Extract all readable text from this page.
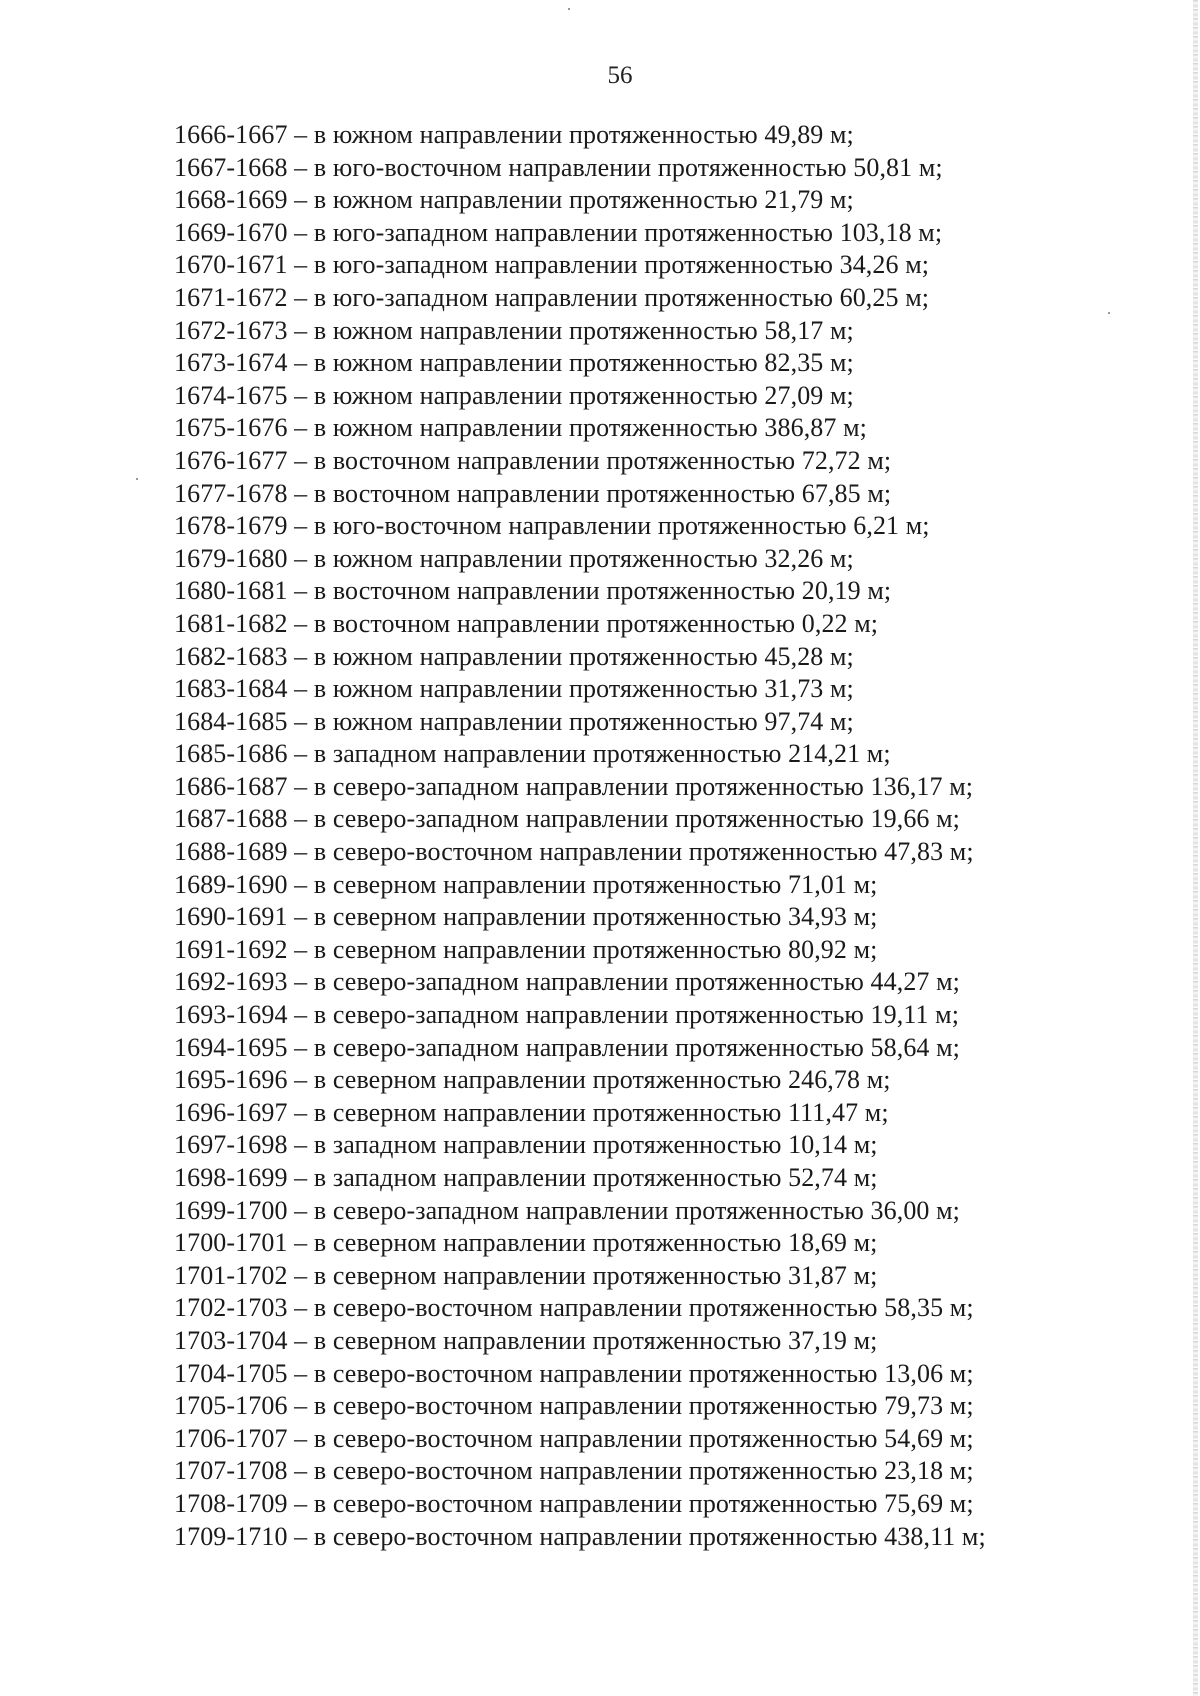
56
1666-1667 – в южном направлении протяженностью 49,89 м;
1667-1668 – в юго-восточном направлении протяженностью 50,81 м;
1668-1669 – в южном направлении протяженностью 21,79 м;
1669-1670 – в юго-западном направлении протяженностью 103,18 м;
1670-1671 – в юго-западном направлении протяженностью 34,26 м;
1671-1672 – в юго-западном направлении протяженностью 60,25 м;
1672-1673 – в южном направлении протяженностью 58,17 м;
1673-1674 – в южном направлении протяженностью 82,35 м;
1674-1675 – в южном направлении протяженностью 27,09 м;
1675-1676 – в южном направлении протяженностью 386,87 м;
1676-1677 – в восточном направлении протяженностью 72,72 м;
1677-1678 – в восточном направлении протяженностью 67,85 м;
1678-1679 – в юго-восточном направлении протяженностью 6,21 м;
1679-1680 – в южном направлении протяженностью 32,26 м;
1680-1681 – в восточном направлении протяженностью 20,19 м;
1681-1682 – в восточном направлении протяженностью 0,22 м;
1682-1683 – в южном направлении протяженностью 45,28 м;
1683-1684 – в южном направлении протяженностью 31,73 м;
1684-1685 – в южном направлении протяженностью 97,74 м;
1685-1686 – в западном направлении протяженностью 214,21 м;
1686-1687 – в северо-западном направлении протяженностью 136,17 м;
1687-1688 – в северо-западном направлении протяженностью 19,66 м;
1688-1689 – в северо-восточном направлении протяженностью 47,83 м;
1689-1690 – в северном направлении протяженностью 71,01 м;
1690-1691 – в северном направлении протяженностью 34,93 м;
1691-1692 – в северном направлении протяженностью 80,92 м;
1692-1693 – в северо-западном направлении протяженностью 44,27 м;
1693-1694 – в северо-западном направлении протяженностью 19,11 м;
1694-1695 – в северо-западном направлении протяженностью 58,64 м;
1695-1696 – в северном направлении протяженностью 246,78 м;
1696-1697 – в северном направлении протяженностью 111,47 м;
1697-1698 – в западном направлении протяженностью 10,14 м;
1698-1699 – в западном направлении протяженностью 52,74 м;
1699-1700 – в северо-западном направлении протяженностью 36,00 м;
1700-1701 – в северном направлении протяженностью 18,69 м;
1701-1702 – в северном направлении протяженностью 31,87 м;
1702-1703 – в северо-восточном направлении протяженностью 58,35 м;
1703-1704 – в северном направлении протяженностью 37,19 м;
1704-1705 – в северо-восточном направлении протяженностью 13,06 м;
1705-1706 – в северо-восточном направлении протяженностью 79,73 м;
1706-1707 – в северо-восточном направлении протяженностью 54,69 м;
1707-1708 – в северо-восточном направлении протяженностью 23,18 м;
1708-1709 – в северо-восточном направлении протяженностью 75,69 м;
1709-1710 – в северо-восточном направлении протяженностью 438,11 м;
